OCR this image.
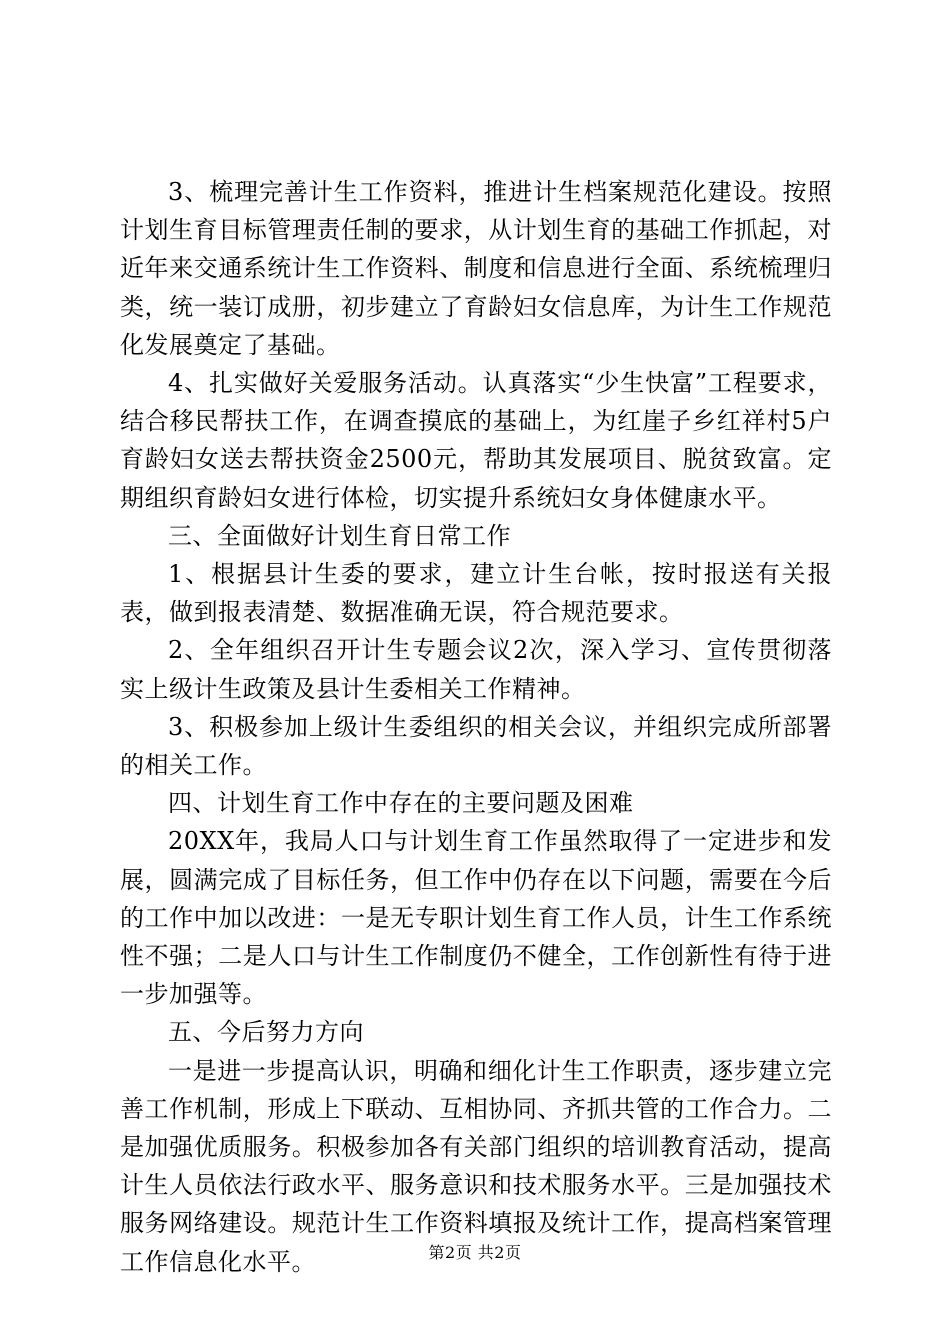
3、梳理完善计生工作资料，推进计生档案规范化建设。按照计划生育目标管理责任制的要求，从计划生育的基础工作抓起，对近年来交通系统计生工作资料、制度和信息进行全面、系统梳理归类，统一装订成册，初步建立了育龄妇女信息库，为计生工作规范化发展奠定了基础。

4、扎实做好关爱服务活动。认真落实“少生快富”工程要求，结合移民帮扶工作，在调查摸底的基础上，为红崖子乡红祥村5户育龄妇女送去帮扶资金2500元，帮助其发展项目、脱贫致富。定期组织育龄妇女进行体检，切实提升系统妇女身体健康水平。

三、全面做好计划生育日常工作

1、根据县计生委的要求，建立计生台帐，按时报送有关报表，做到报表清楚、数据准确无误，符合规范要求。

2、全年组织召开计生专题会议2次，深入学习、宣传贯彻落实上级计生政策及县计生委相关工作精神。

3、积极参加上级计生委组织的相关会议，并组织完成所部署的相关工作。

四、计划生育工作中存在的主要问题及困难

20XX年，我局人口与计划生育工作虽然取得了一定进步和发展，圆满完成了目标任务，但工作中仍存在以下问题，需要在今后的工作中加以改进：一是无专职计划生育工作人员，计生工作系统性不强；二是人口与计生工作制度仍不健全，工作创新性有待于进一步加强等。

五、今后努力方向

一是进一步提高认识，明确和细化计生工作职责，逐步建立完善工作机制，形成上下联动、互相协同、齐抓共管的工作合力。二是加强优质服务。积极参加各有关部门组织的培训教育活动，提高计生人员依法行政水平、服务意识和技术服务水平。三是加强技术服务网络建设。规范计生工作资料填报及统计工作，提高档案管理工作信息化水平。	第2页 共2页
